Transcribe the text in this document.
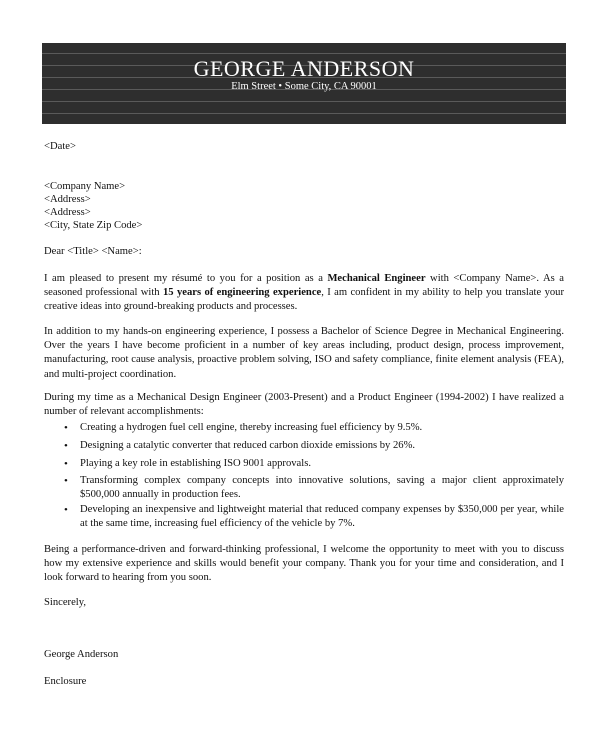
GEORGE ANDERSON
Elm Street • Some City, CA 90001
<Date>
<Company Name>
<Address>
<Address>
<City, State Zip Code>
Dear <Title> <Name>:

I am pleased to present my résumé to you for a position as a Mechanical Engineer with <Company Name>. As a seasoned professional with 15 years of engineering experience, I am confident in my ability to help you translate your creative ideas into ground-breaking products and processes.

In addition to my hands-on engineering experience, I possess a Bachelor of Science Degree in Mechanical Engineering. Over the years I have become proficient in a number of key areas including, product design, process improvement, manufacturing, root cause analysis, proactive problem solving, ISO and safety compliance, finite element analysis (FEA), and multi-project coordination.

During my time as a Mechanical Design Engineer (2003-Present) and a Product Engineer (1994-2002) I have realized a number of relevant accomplishments:

• Creating a hydrogen fuel cell engine, thereby increasing fuel efficiency by 9.5%.

• Designing a catalytic converter that reduced carbon dioxide emissions by 26%.

• Playing a key role in establishing ISO 9001 approvals.

• Transforming complex company concepts into innovative solutions, saving a major client approximately $500,000 annually in production fees.

• Developing an inexpensive and lightweight material that reduced company expenses by $350,000 per year, while at the same time, increasing fuel efficiency of the vehicle by 7%.

Being a performance-driven and forward-thinking professional, I welcome the opportunity to meet with you to discuss how my extensive experience and skills would benefit your company. Thank you for your time and consideration, and I look forward to hearing from you soon.

Sincerely,
George Anderson
Enclosure
